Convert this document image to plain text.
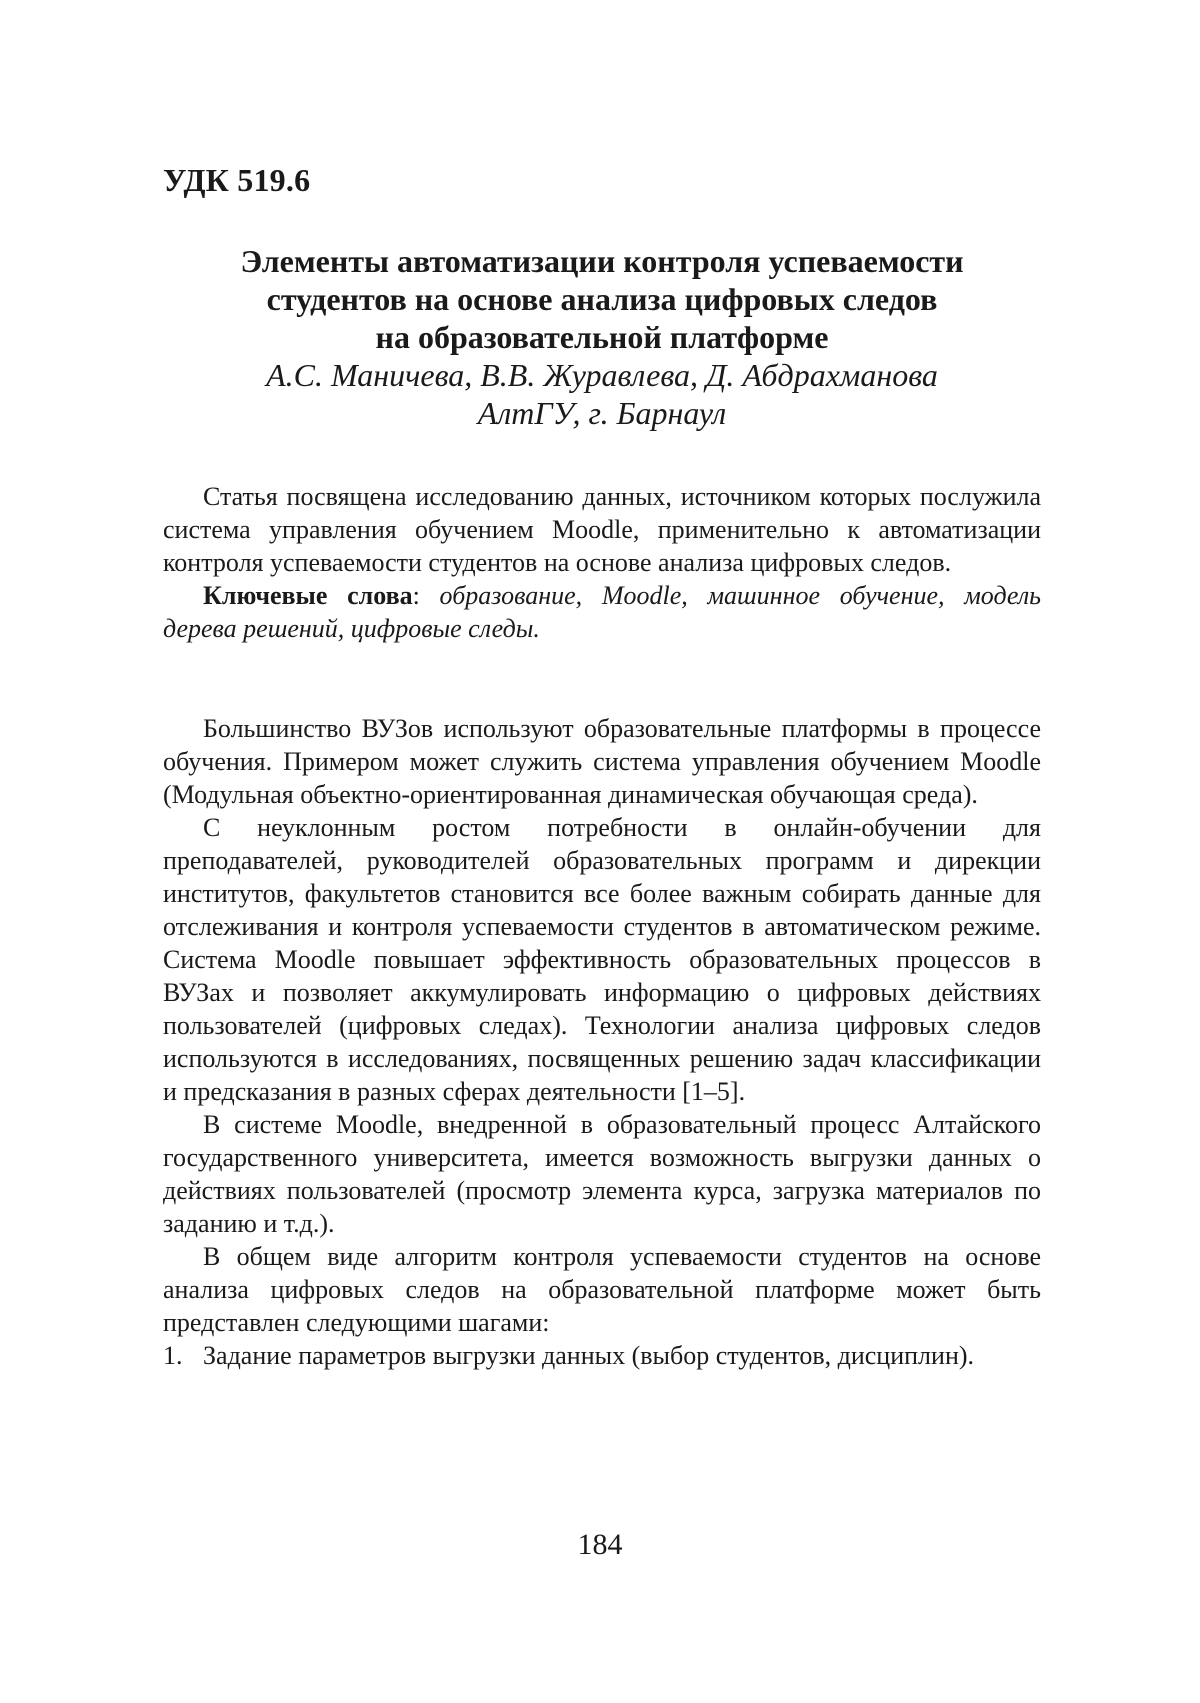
УДК 519.6
Элементы автоматизации контроля успеваемости
студентов на основе анализа цифровых следов
на образовательной платформе
А.С. Маничева, В.В. Журавлева, Д. Абдрахманова
АлтГУ, г. Барнаул

Статья посвящена исследованию данных, источником которых послужила система управления обучением Moodle, применительно к автоматизации контроля успеваемости студентов на основе анализа цифровых следов.

Ключевые слова: образование, Moodle, машинное обучение, модель дерева решений, цифровые следы.

Большинство ВУЗов используют образовательные платформы в процессе обучения. Примером может служить система управления обучением Moodle (Модульная объектно-ориентированная динамическая обучающая среда).

С неуклонным ростом потребности в онлайн-обучении для преподавателей, руководителей образовательных программ и дирекции институтов, факультетов становится все более важным собирать данные для отслеживания и контроля успеваемости студентов в автоматическом режиме. Система Moodle повышает эффективность образовательных процессов в ВУЗах и позволяет аккумулировать информацию о цифровых действиях пользователей (цифровых следах). Технологии анализа цифровых следов используются в исследованиях, посвященных решению задач классификации и предсказания в разных сферах деятельности [1–5].

В системе Moodle, внедренной в образовательный процесс Алтайского государственного университета, имеется возможность выгрузки данных о действиях пользователей (просмотр элемента курса, загрузка материалов по заданию и т.д.).

В общем виде алгоритм контроля успеваемости студентов на основе анализа цифровых следов на образовательной платформе может быть представлен следующими шагами:

1. Задание параметров выгрузки данных (выбор студентов, дисциплин).
184
